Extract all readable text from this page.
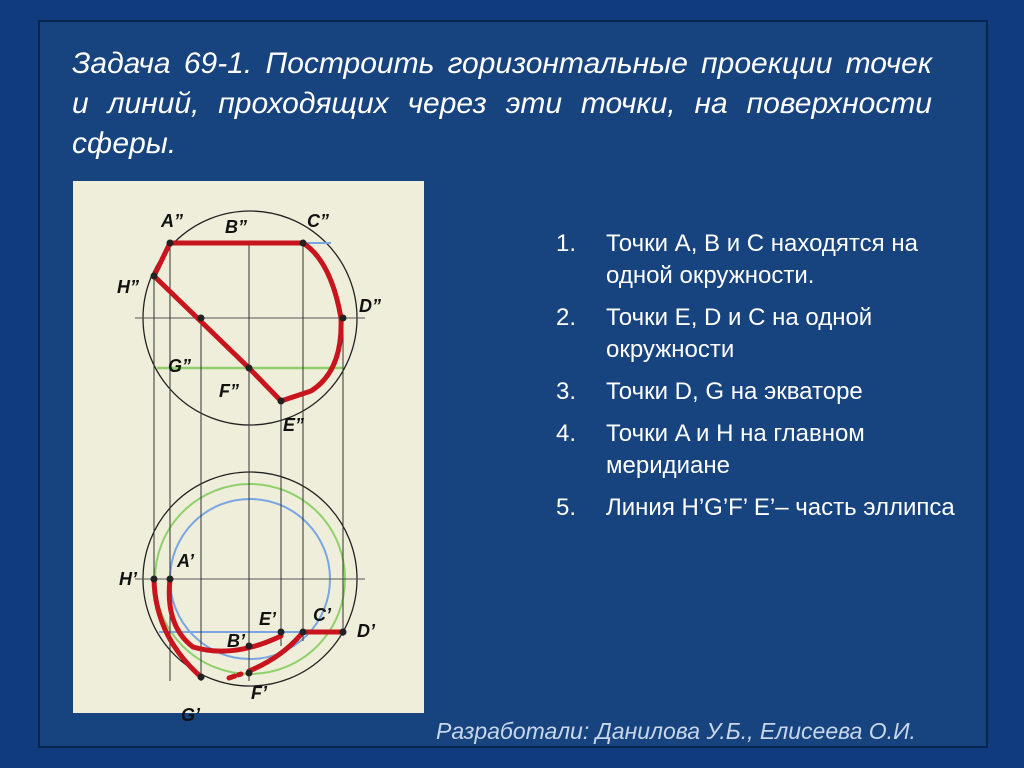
Задача 69-1. Построить горизонтальные проекции точек и линий, проходящих через эти точки, на поверхности сферы.
A” B”	C”
H”
D”
G”
F”
E”
H’
A’
E’ C’
D’
B’
F’
G’
1.	Точки A, B и C находятся на одной окружности.
2.	Точки E, D и C на одной окружности
3.	Точки D, G на экваторе
4.	Точки A и H на главном меридиане
5.	Линия H’G’F’ E’– часть эллипса
Разработали: Данилова У.Б., Елисеева О.И.
